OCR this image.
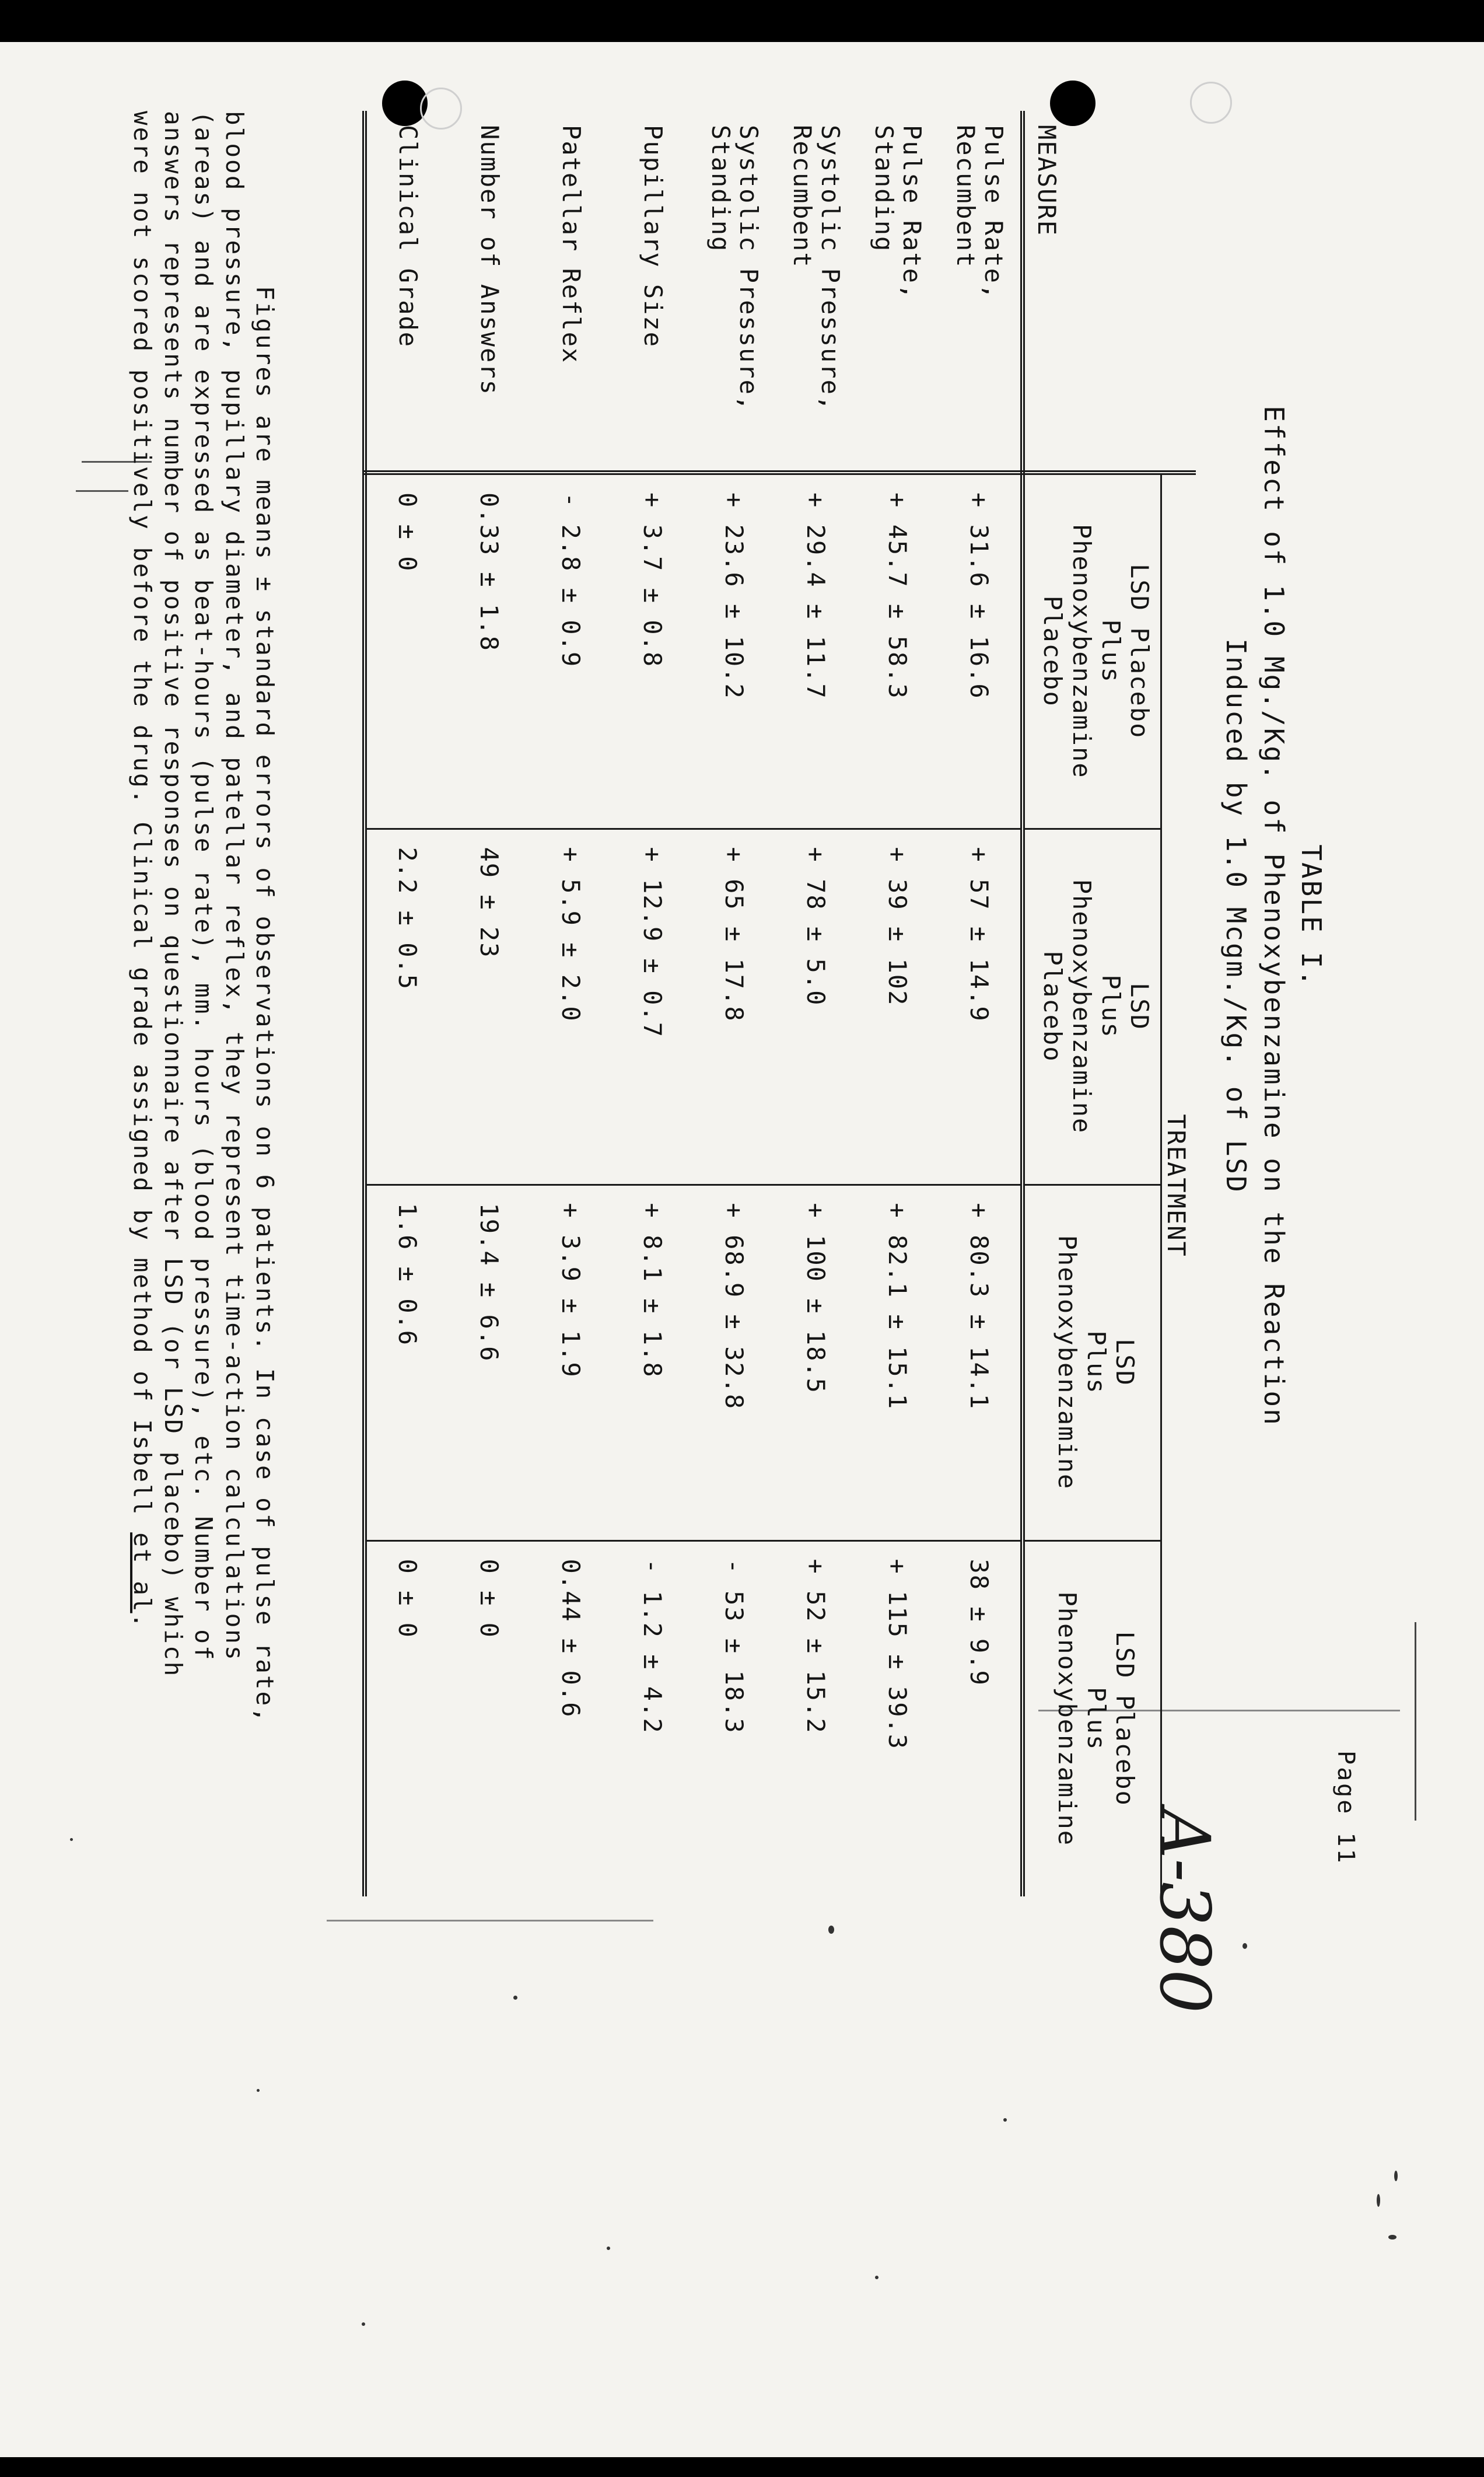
Page 11
TABLE I.
Effect of 1.0 Mg./Kg. of Phenoxybenzamine on the Reaction
Induced by 1.0 Mcgm./Kg. of LSD
A-380
	TREATMENT			
MEASURE	LSD Placebo
Plus
Phenoxybenzamine
Placebo	LSD
Plus
Phenoxybenzamine
Placebo	LSD
Plus
Phenoxybenzamine	LSD Placebo
Plus
Phenoxybenzamine

Pulse Rate,
Recumbent	+ 31.6 ± 16.6	+ 57 ± 14.9	+ 80.3 ± 14.1	38 ± 9.9

Pulse Rate,
Standing	+ 45.7 ± 58.3	+ 39 ± 102	+ 82.1 ± 15.1	+ 115 ± 39.3

Systolic Pressure,
Recumbent	+ 29.4 ± 11.7	+ 78 ± 5.0	+ 100 ± 18.5	+ 52 ± 15.2

Systolic Pressure,
Standing	+ 23.6 ± 10.2	+ 65 ± 17.8	+ 68.9 ± 32.8	- 53 ± 18.3

Pupillary Size	+ 3.7 ± 0.8	+ 12.9 ± 0.7	+ 8.1 ± 1.8	- 1.2 ± 4.2

Patellar Reflex	- 2.8 ± 0.9	+ 5.9 ± 2.0	+ 3.9 ± 1.9	0.44 ± 0.6

Number of Answers	0.33 ± 1.8	49 ± 23	19.4 ± 6.6	0 ± 0

Clinical Grade	0 ± 0	2.2 ± 0.5	1.6 ± 0.6	0 ± 0
Figures are means ± standard errors of observations on 6 patients. In case of pulse rate,
blood pressure, pupillary diameter, and patellar reflex, they represent time-action calculations
(areas) and are expressed as beat-hours (pulse rate), mm. hours (blood pressure), etc. Number of
answers represents number of positive responses on questionnaire after LSD (or LSD placebo) which
were not scored positively before the drug. Clinical grade assigned by method of Isbell et al.
